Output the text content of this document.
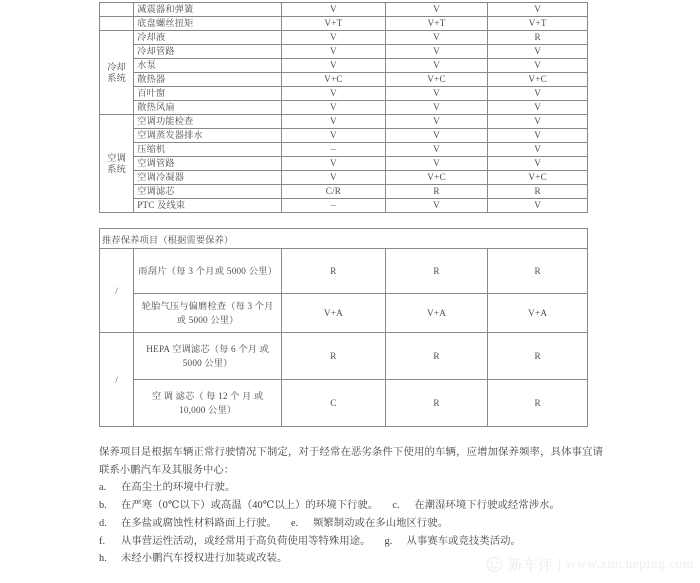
	减震器和弹簧	V	V	V
	底盘螺丝扭矩	V+T	V+T	V+T

冷却
系统	冷却液	V	V	R
	冷却管路	V	V	V
	水泵	V	V	V
	散热器	V+C	V+C	V+C
	百叶窗	V	V	V
	散热风扇	V	V	V

空调
系统	空调功能检查	V	V	V
	空调蒸发器排水	V	V	V
	压缩机	–	V	V
	空调管路	V	V	V
	空调冷凝器	V	V+C	V+C
	空调滤芯	C/R	R	R
	PTC 及线束	–	V	V
推荐保养项目（根据需要保养）				
/	雨刮片（每 3 个月或 5000 公里）	R	R	R
	轮胎气压与偏磨检查（每 3 个月或 5000 公里）	V+A	V+A	V+A
/	HEPA 空调滤芯（每 6 个月 或 5000 公里）	R	R	R
	空 调 滤芯（ 每 12 个 月 或 10,000 公里）	C	R	R

保养项目是根据车辆正常行驶情况下制定，对于经常在恶劣条件下使用的车辆，应增加保养频率，具体事宜请联系小鹏汽车及其服务中心：

a. 在高尘土的环境中行驶。

b. 在严寒（0℃以下）或高温（40℃以上）的环境下行驶。 c. 在潮湿环境下行驶或经常涉水。

d. 在多盐或腐蚀性材料路面上行驶。 e. 频繁制动或在多山地区行驶。

f. 从事营运性活动，或经常用于高负荷使用等特殊用途。 g. 从事赛车或竞技类活动。

h. 未经小鹏汽车授权进行加装或改装。	新车评 | www.xincheping.com
